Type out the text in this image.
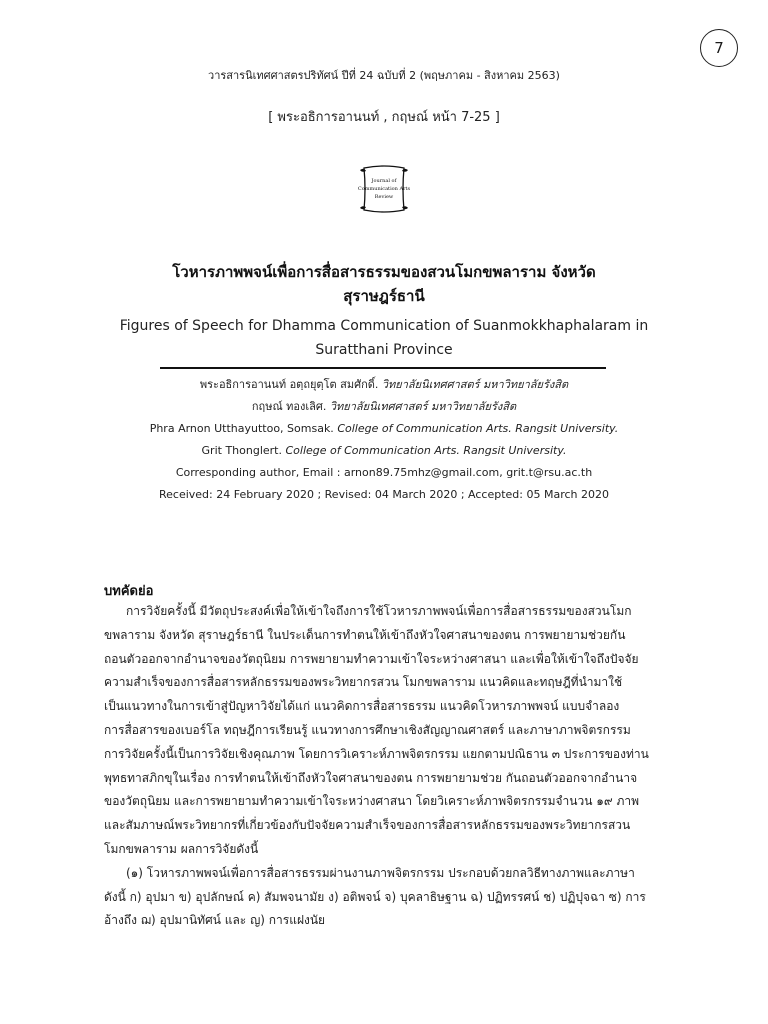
7
วารสารนิเทศศาสตรปริทัศน์ ปีที่ 24 ฉบับที่ 2 (พฤษภาคม - สิงหาคม 2563)
[ พระอธิการอานนท์ , กฤษณ์ หน้า 7-25 ]
Journal of
Communication Arts
Review
โวหารภาพพจน์เพื่อการสื่อสารธรรมของสวนโมกขพลาราม จังหวัด
สุราษฎร์ธานี
Figures of Speech for Dhamma Communication of Suanmokkhaphalaram in
Suratthani Province
พระอธิการอานนท์ อตฺถยุตฺโต สมศักดิ์. วิทยาลัยนิเทศศาสตร์ มหาวิทยาลัยรังสิต
กฤษณ์ ทองเลิศ. วิทยาลัยนิเทศศาสตร์ มหาวิทยาลัยรังสิต
Phra Arnon Utthayuttoo, Somsak. College of Communication Arts. Rangsit University.
Grit Thonglert. College of Communication Arts. Rangsit University.
Corresponding author, Email : arnon89.75mhz@gmail.com, grit.t@rsu.ac.th
Received: 24 February 2020 ; Revised: 04 March 2020 ; Accepted: 05 March 2020
บทคัดย่อ
การวิจัยครั้งนี้ มีวัตถุประสงค์เพื่อให้เข้าใจถึงการใช้โวหารภาพพจน์เพื่อการสื่อสารธรรมของสวนโมก
ขพลาราม จังหวัด สุราษฎร์ธานี ในประเด็นการทำตนให้เข้าถึงหัวใจศาสนาของตน การพยายามช่วยกัน
ถอนตัวออกจากอำนาจของวัตถุนิยม การพยายามทำความเข้าใจระหว่างศาสนา และเพื่อให้เข้าใจถึงปัจจัย
ความสำเร็จของการสื่อสารหลักธรรมของพระวิทยากรสวน โมกขพลาราม แนวคิดและทฤษฎีที่นำมาใช้
เป็นแนวทางในการเข้าสู่ปัญหาวิจัยได้แก่ แนวคิดการสื่อสารธรรม แนวคิดโวหารภาพพจน์ แบบจำลอง
การสื่อสารของเบอร์โล ทฤษฎีการเรียนรู้ แนวทางการศึกษาเชิงสัญญาณศาสตร์ และภาษาภาพจิตรกรรม
การวิจัยครั้งนี้เป็นการวิจัยเชิงคุณภาพ โดยการวิเคราะห์ภาพจิตรกรรม แยกตามปณิธาน ๓ ประการของท่าน
พุทธทาสภิกขุในเรื่อง การทำตนให้เข้าถึงหัวใจศาสนาของตน การพยายามช่วย กันถอนตัวออกจากอำนาจ
ของวัตถุนิยม และการพยายามทำความเข้าใจระหว่างศาสนา โดยวิเคราะห์ภาพจิตรกรรมจำนวน ๑๙ ภาพ
และสัมภาษณ์พระวิทยากรที่เกี่ยวข้องกับปัจจัยความสำเร็จของการสื่อสารหลักธรรมของพระวิทยากรสวน
โมกขพลาราม ผลการวิจัยดังนี้
(๑) โวหารภาพพจน์เพื่อการสื่อสารธรรมผ่านงานภาพจิตรกรรม ประกอบด้วยกลวิธีทางภาพและภาษา
ดังนี้ ก) อุปมา ข) อุปลักษณ์ ค) สัมพจนามัย ง) อติพจน์ จ) บุคลาธิษฐาน ฉ) ปฏิทรรศน์ ช) ปฏิปุจฉา ซ) การ
อ้างถึง ฌ) อุปมานิทัศน์ และ ญ) การแฝงนัย
